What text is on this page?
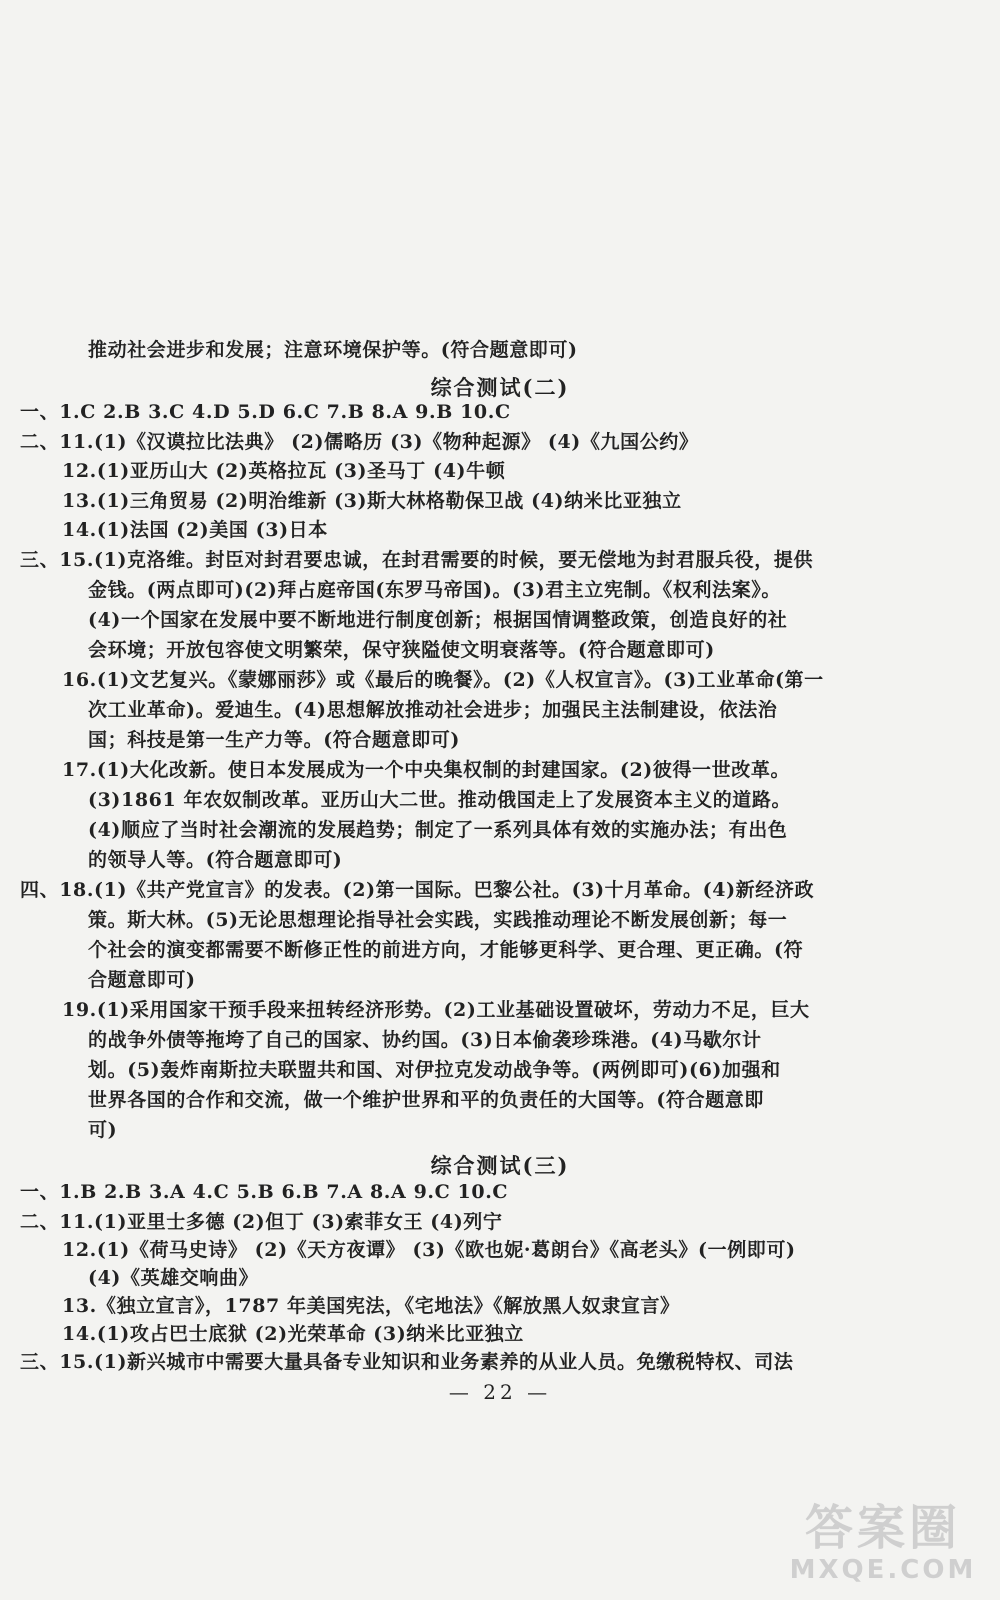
推动社会进步和发展；注意环境保护等。(符合题意即可)
综合测试(二)
一、1.C 2.B 3.C 4.D 5.D 6.C 7.B 8.A 9.B 10.C
二、11.(1)《汉谟拉比法典》 (2)儒略历 (3)《物种起源》 (4)《九国公约》
12.(1)亚历山大 (2)英格拉瓦 (3)圣马丁 (4)牛顿
13.(1)三角贸易 (2)明治维新 (3)斯大林格勒保卫战 (4)纳米比亚独立
14.(1)法国 (2)美国 (3)日本
三、15.(1)克洛维。封臣对封君要忠诚，在封君需要的时候，要无偿地为封君服兵役，提供
金钱。(两点即可)(2)拜占庭帝国(东罗马帝国)。(3)君主立宪制。《权利法案》。
(4)一个国家在发展中要不断地进行制度创新；根据国情调整政策，创造良好的社
会环境；开放包容使文明繁荣，保守狭隘使文明衰落等。(符合题意即可)
16.(1)文艺复兴。《蒙娜丽莎》或《最后的晚餐》。(2)《人权宣言》。(3)工业革命(第一
次工业革命)。爱迪生。(4)思想解放推动社会进步；加强民主法制建设，依法治
国；科技是第一生产力等。(符合题意即可)
17.(1)大化改新。使日本发展成为一个中央集权制的封建国家。(2)彼得一世改革。
(3)1861 年农奴制改革。亚历山大二世。推动俄国走上了发展资本主义的道路。
(4)顺应了当时社会潮流的发展趋势；制定了一系列具体有效的实施办法；有出色
的领导人等。(符合题意即可)
四、18.(1)《共产党宣言》的发表。(2)第一国际。巴黎公社。(3)十月革命。(4)新经济政
策。斯大林。(5)无论思想理论指导社会实践，实践推动理论不断发展创新；每一
个社会的演变都需要不断修正性的前进方向，才能够更科学、更合理、更正确。(符
合题意即可)
19.(1)采用国家干预手段来扭转经济形势。(2)工业基础设置破坏，劳动力不足，巨大
的战争外债等拖垮了自己的国家、协约国。(3)日本偷袭珍珠港。(4)马歇尔计
划。(5)轰炸南斯拉夫联盟共和国、对伊拉克发动战争等。(两例即可)(6)加强和
世界各国的合作和交流，做一个维护世界和平的负责任的大国等。(符合题意即
可)
综合测试(三)
一、1.B 2.B 3.A 4.C 5.B 6.B 7.A 8.A 9.C 10.C
二、11.(1)亚里士多德 (2)但丁 (3)索菲女王 (4)列宁
12.(1)《荷马史诗》 (2)《天方夜谭》 (3)《欧也妮·葛朗台》《高老头》(一例即可)
(4)《英雄交响曲》
13.《独立宣言》，1787 年美国宪法，《宅地法》《解放黑人奴隶宣言》
14.(1)攻占巴士底狱 (2)光荣革命 (3)纳米比亚独立
三、15.(1)新兴城市中需要大量具备专业知识和业务素养的从业人员。免缴税特权、司法
— 22 —
答案圈
MXQE.COM
